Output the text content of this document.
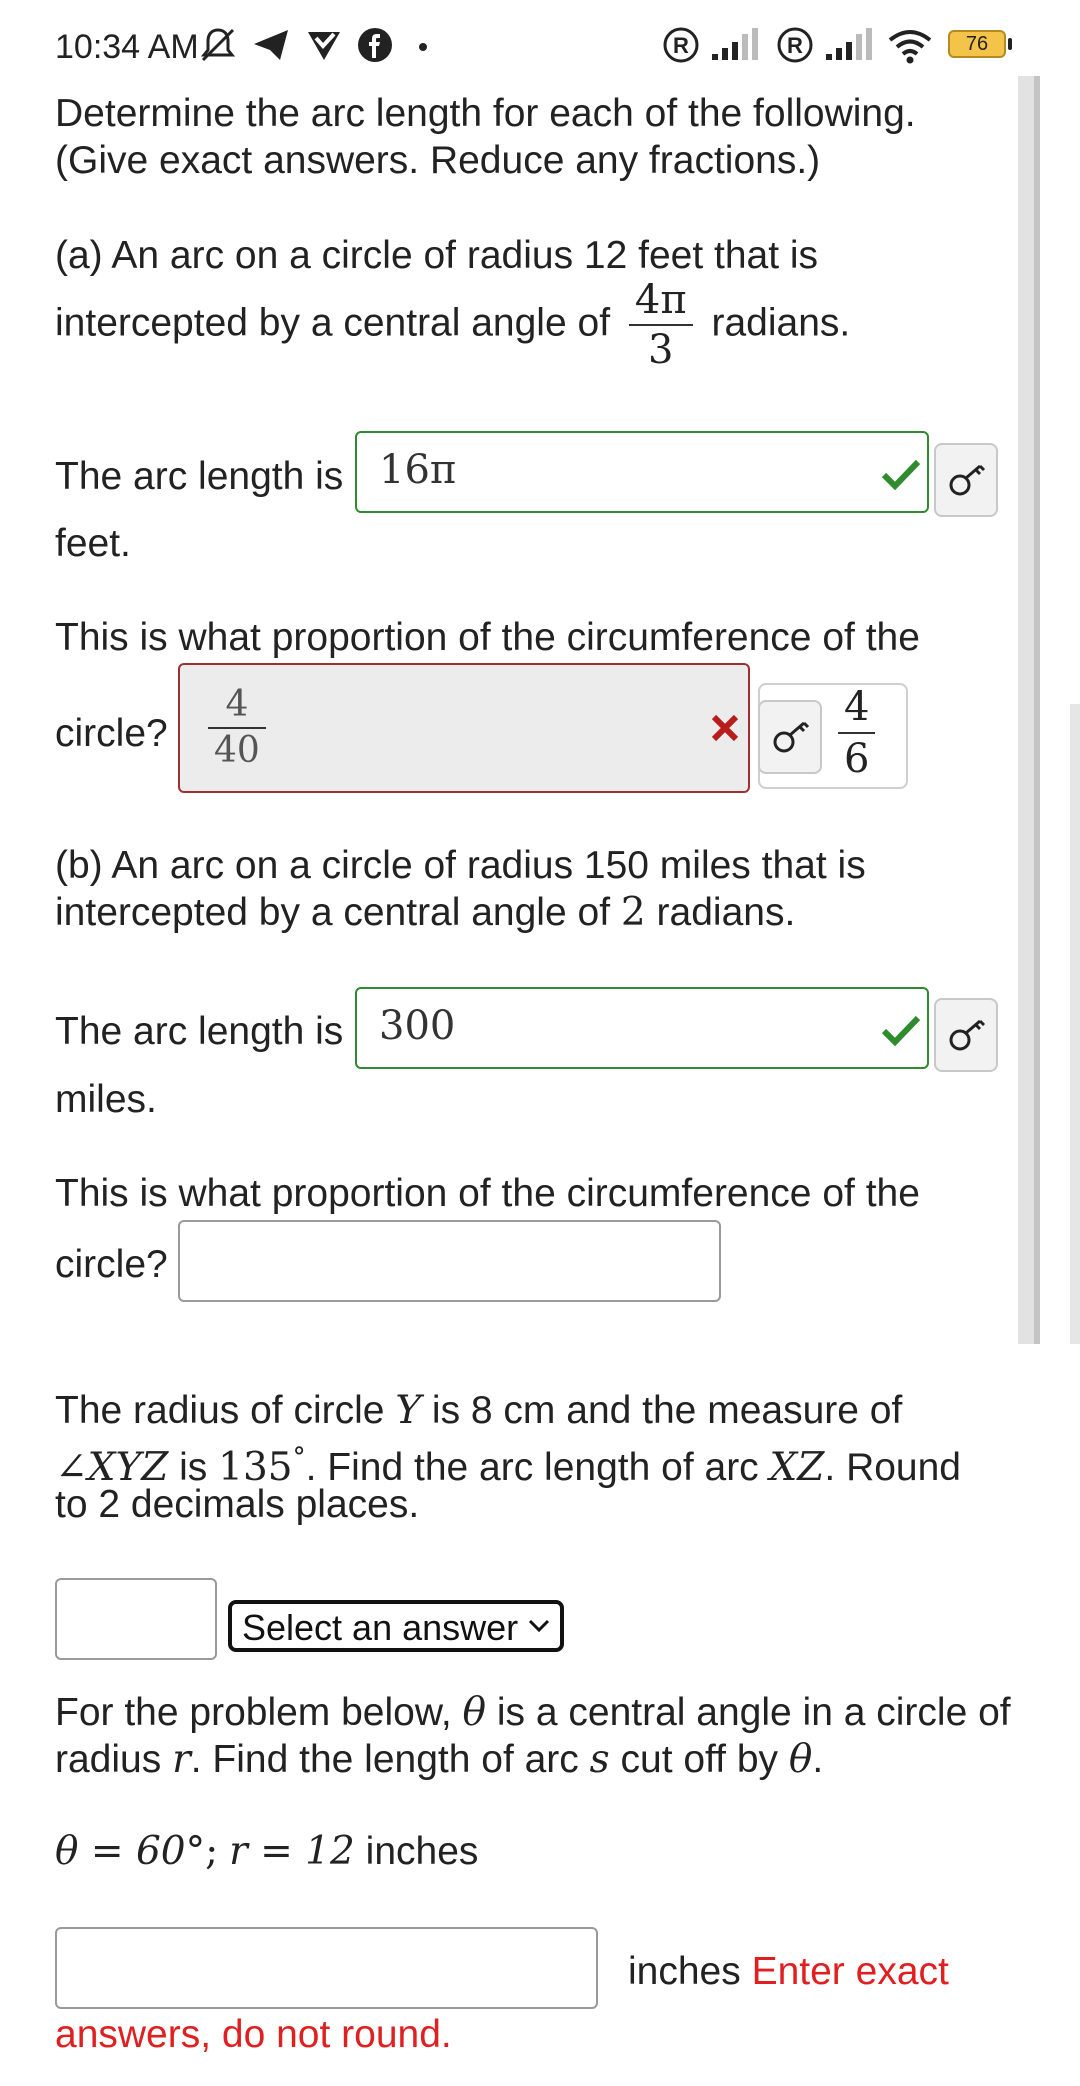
10:34 AM	R	R	76
Determine the arc length for each of the following.
(Give exact answers. Reduce any fractions.)
(a) An arc on a circle of radius 12 feet that is
intercepted by a central angle of $\frac{4\pi}{3}$ radians.
The arc length is 16π
feet.
This is what proportion of the circumference of the
circle? $\frac{4}{40}$	$\frac{4}{6}$
(b) An arc on a circle of radius 150 miles that is
intercepted by a central angle of 2 radians.
The arc length is 300
miles.
This is what proportion of the circumference of the
circle?
The radius of circle Y is 8 cm and the measure of
∠XYZ is 135°. Find the arc length of arc XZ. Round
to 2 decimals places.
Select an answer
For the problem below, θ is a central angle in a circle of
radius r. Find the length of arc s cut off by θ.
θ = 60°; r = 12 inches
inches Enter exact
answers, do not round.
